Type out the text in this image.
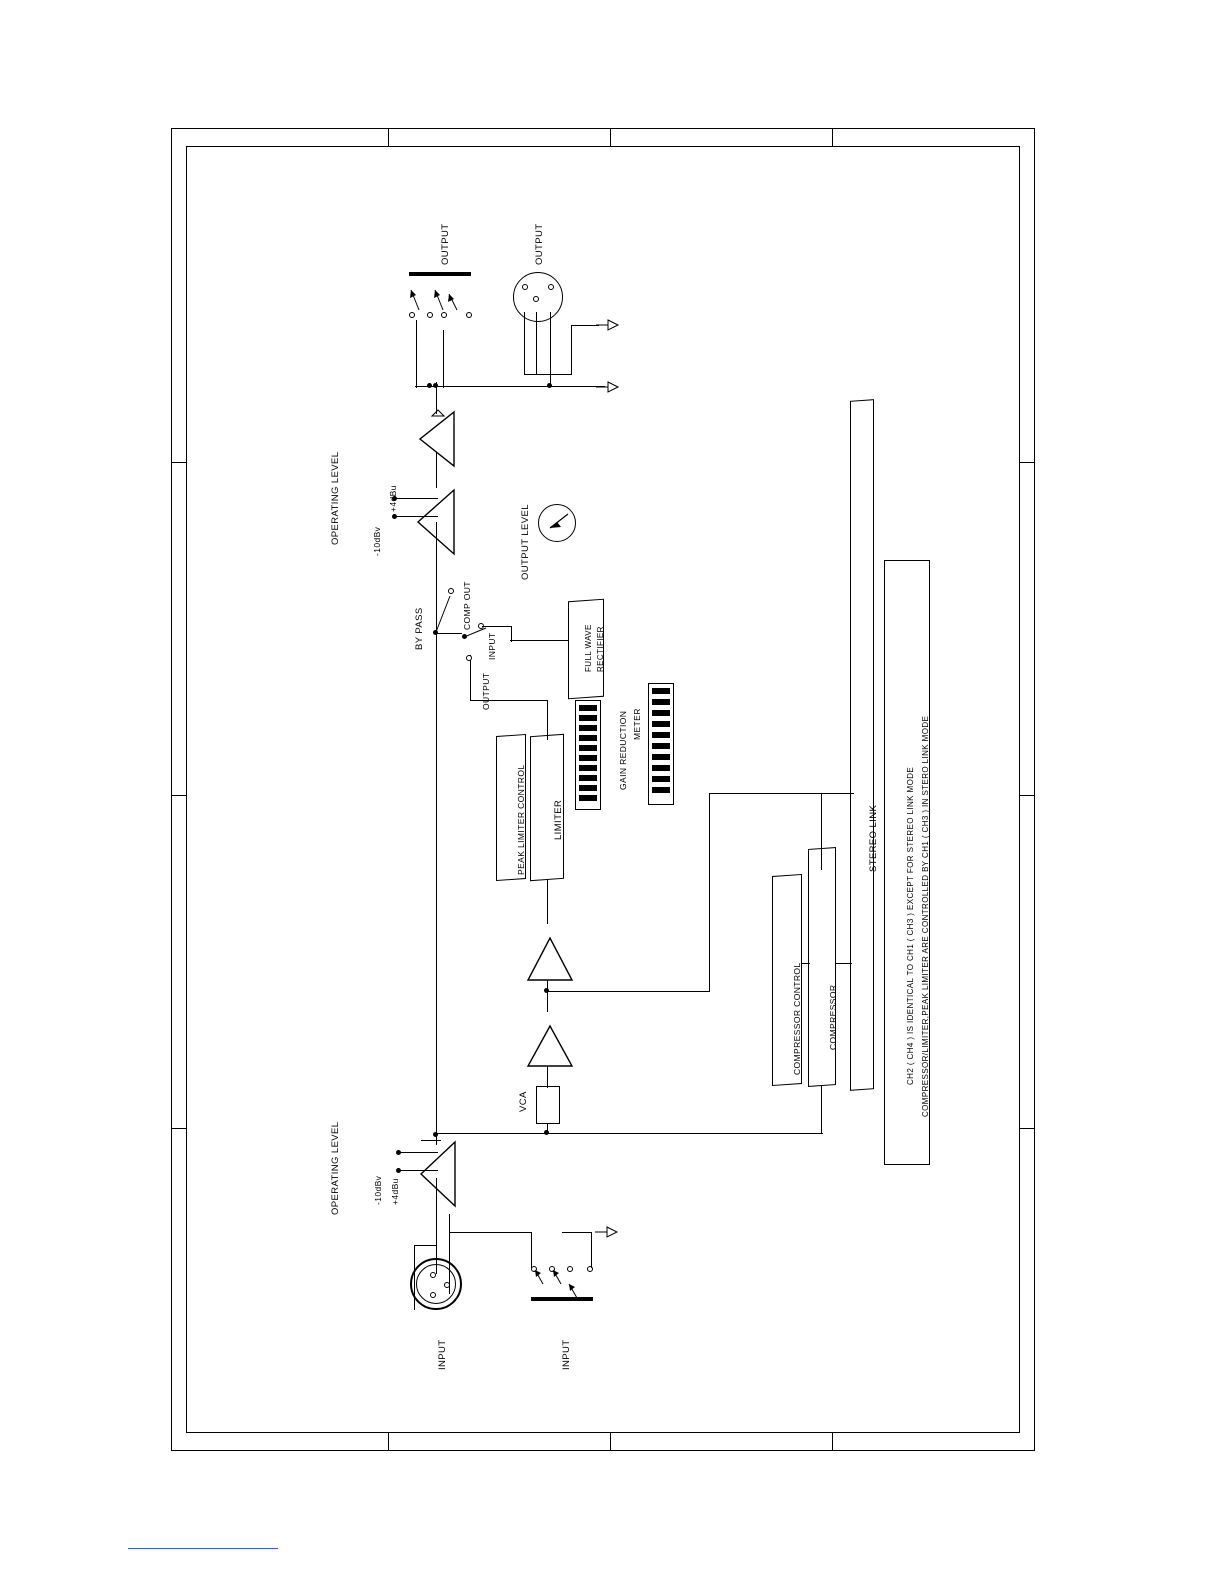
INPUT	INPUT
+4dBu
-10dBv
OPERATING LEVEL
VCA
LIMITER
PEAK LIMITER CONTROL
FULL WAVE RECTIFIER
INPUT
OUTPUT
COMP OUT
BY PASS
GAIN REDUCTION METER
COMPRESSOR CONTROL	COMPRESSOR
STEREO LINK	CH2 ( CH4 ) IS IDENTICAL TO CH1 ( CH3 ) EXCEPT FOR STEREO LINK MODE COMPRESSOR/LIMITER,PEAK LIMITER ARE CONTROLLED BY CH1 ( CH3 ) IN STERO LINK MODE
OUTPUT LEVEL
+4dBu
-10dBv
OPERATING LEVEL
OUTPUT	OUTPUT
